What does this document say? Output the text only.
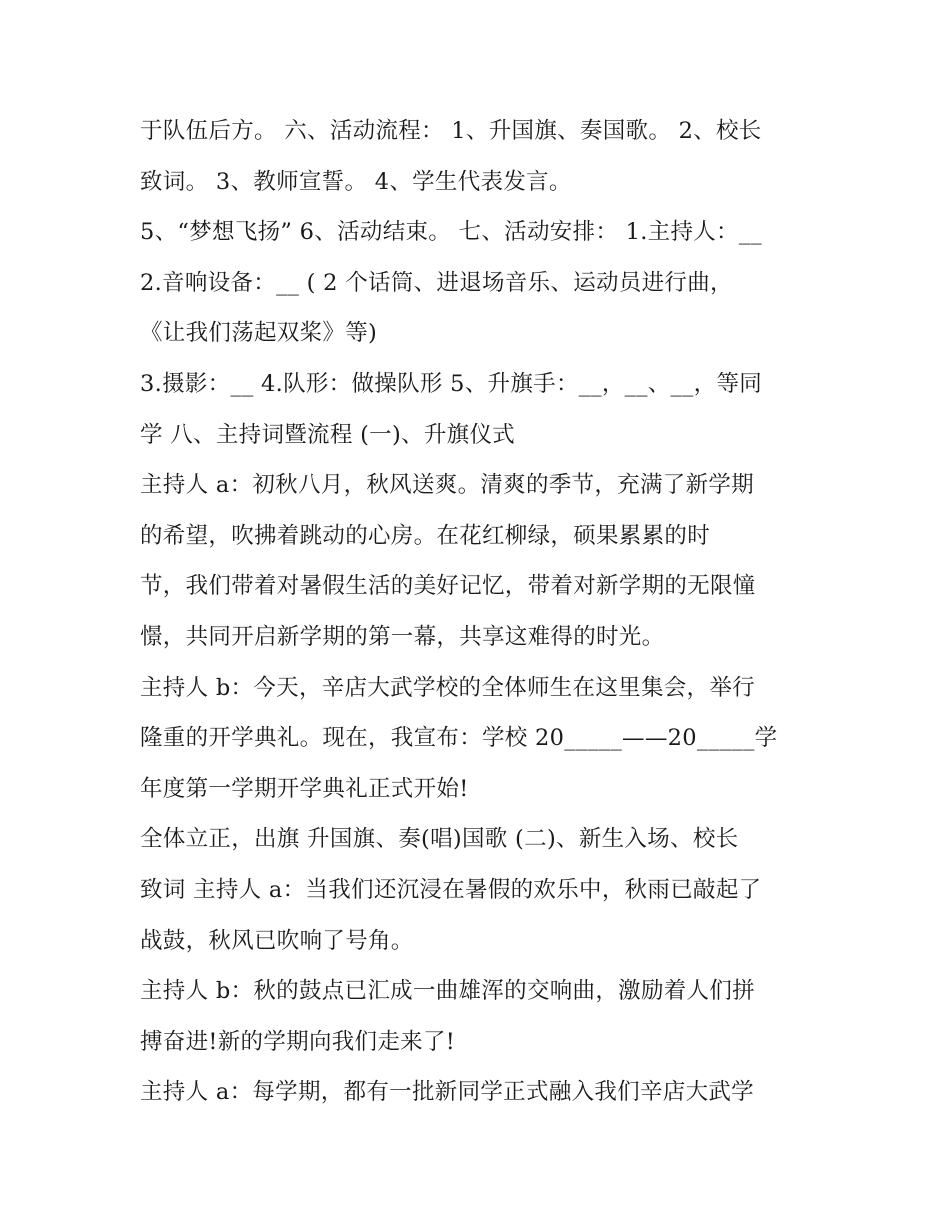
于队伍后方。 六、活动流程： 1、升国旗、奏国歌。 2、校长
致词。 3、教师宣誓。 4、学生代表发言。
5、“梦想飞扬” 6、活动结束。 七、活动安排： 1.主持人：__
2.音响设备：__ ( 2 个话筒、进退场音乐、运动员进行曲，
《让我们荡起双桨》等)
3.摄影：__ 4.队形：做操队形 5、升旗手：__，__、__，等同
学 八、主持词暨流程 (一)、升旗仪式
主持人 a：初秋八月，秋风送爽。清爽的季节，充满了新学期
的希望，吹拂着跳动的心房。在花红柳绿，硕果累累的时
节，我们带着对暑假生活的美好记忆，带着对新学期的无限憧
憬，共同开启新学期的第一幕，共享这难得的时光。
主持人 b：今天，辛店大武学校的全体师生在这里集会，举行
隆重的开学典礼。现在，我宣布：学校 20_____——20_____学
年度第一学期开学典礼正式开始!
全体立正，出旗 升国旗、奏(唱)国歌 (二)、新生入场、校长
致词 主持人 a：当我们还沉浸在暑假的欢乐中，秋雨已敲起了
战鼓，秋风已吹响了号角。
主持人 b：秋的鼓点已汇成一曲雄浑的交响曲，激励着人们拼
搏奋进!新的学期向我们走来了!
主持人 a：每学期，都有一批新同学正式融入我们辛店大武学
